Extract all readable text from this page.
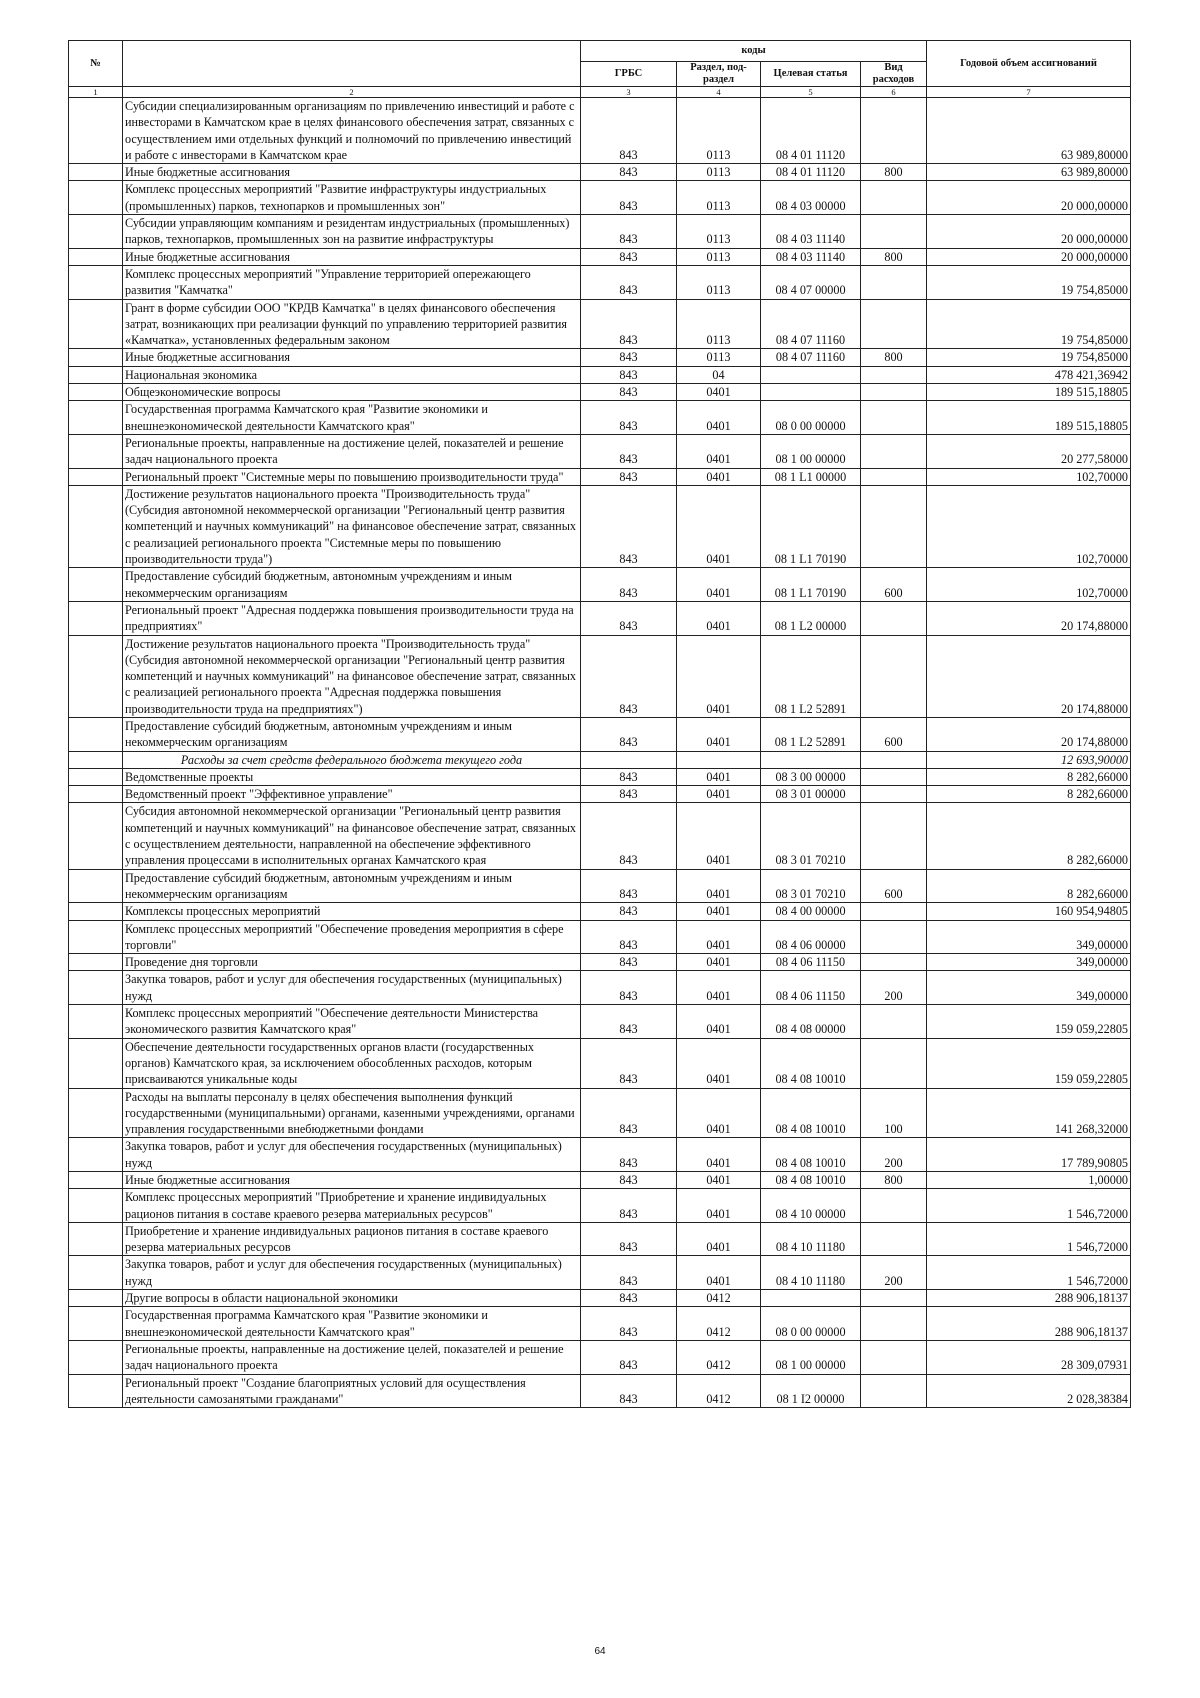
№		коды				Годовой объем ассигнований
		ГРБС	Раздел, под-раздел	Целевая статья	Вид расходов	
1	2	3	4	5	6	7
	Субсидии специализированным организациям по привлечению инвестиций и работе с инвесторами в Камчатском крае в целях финансового обеспечения затрат, связанных с осуществлением ими отдельных функций и полномочий по привлечению инвестиций и работе с инвесторами в Камчатском крае	843	0113	08 4 01 11120		63 989,80000
	Иные бюджетные ассигнования	843	0113	08 4 01 11120	800	63 989,80000
	Комплекс процессных мероприятий "Развитие инфраструктуры индустриальных (промышленных) парков, технопарков и промышленных зон"	843	0113	08 4 03 00000		20 000,00000
	Субсидии управляющим компаниям и резидентам индустриальных (промышленных) парков, технопарков, промышленных зон на развитие инфраструктуры	843	0113	08 4 03 11140		20 000,00000
	Иные бюджетные ассигнования	843	0113	08 4 03 11140	800	20 000,00000
	Комплекс процессных мероприятий "Управление территорией опережающего развития "Камчатка"	843	0113	08 4 07 00000		19 754,85000
	Грант в форме субсидии ООО "КРДВ Камчатка" в целях финансового обеспечения затрат, возникающих при реализации функций по управлению территорией развития «Камчатка», установленных федеральным законом	843	0113	08 4 07 11160		19 754,85000
	Иные бюджетные ассигнования	843	0113	08 4 07 11160	800	19 754,85000
	Национальная экономика	843	04			478 421,36942
	Общеэкономические вопросы	843	0401			189 515,18805
	Государственная программа Камчатского края "Развитие экономики и внешнеэкономической деятельности Камчатского края"	843	0401	08 0 00 00000		189 515,18805
	Региональные проекты, направленные на достижение целей, показателей и решение задач национального проекта	843	0401	08 1 00 00000		20 277,58000
	Региональный проект "Системные меры по повышению производительности труда"	843	0401	08 1 L1 00000		102,70000
	Достижение результатов национального проекта "Производительность труда" (Субсидия автономной некоммерческой организации "Региональный центр развития компетенций и научных коммуникаций" на финансовое обеспечение затрат, связанных с реализацией регионального проекта "Системные меры по повышению производительности труда")	843	0401	08 1 L1 70190		102,70000
	Предоставление субсидий бюджетным, автономным учреждениям и иным некоммерческим организациям	843	0401	08 1 L1 70190	600	102,70000
	Региональный проект "Адресная поддержка повышения производительности труда на предприятиях"	843	0401	08 1 L2 00000		20 174,88000
	Достижение результатов национального проекта "Производительность труда" (Субсидия автономной некоммерческой организации "Региональный центр развития компетенций и научных коммуникаций" на финансовое обеспечение затрат, связанных с реализацией регионального проекта "Адресная поддержка повышения производительности труда на предприятиях")	843	0401	08 1 L2 52891		20 174,88000
	Предоставление субсидий бюджетным, автономным учреждениям и иным некоммерческим организациям	843	0401	08 1 L2 52891	600	20 174,88000
	Расходы за счет средств федерального бюджета текущего года					12 693,90000
	Ведомственные проекты	843	0401	08 3 00 00000		8 282,66000
	Ведомственный проект "Эффективное управление"	843	0401	08 3 01 00000		8 282,66000
	Субсидия автономной некоммерческой организации "Региональный центр развития компетенций и научных коммуникаций" на финансовое обеспечение затрат, связанных с осуществлением деятельности, направленной на обеспечение эффективного управления процессами в исполнительных органах Камчатского края	843	0401	08 3 01 70210		8 282,66000
	Предоставление субсидий бюджетным, автономным учреждениям и иным некоммерческим организациям	843	0401	08 3 01 70210	600	8 282,66000
	Комплексы процессных мероприятий	843	0401	08 4 00 00000		160 954,94805
	Комплекс процессных мероприятий "Обеспечение проведения мероприятия в сфере торговли"	843	0401	08 4 06 00000		349,00000
	Проведение дня торговли	843	0401	08 4 06 11150		349,00000
	Закупка товаров, работ и услуг для обеспечения государственных (муниципальных) нужд	843	0401	08 4 06 11150	200	349,00000
	Комплекс процессных мероприятий "Обеспечение деятельности Министерства экономического развития Камчатского края"	843	0401	08 4 08 00000		159 059,22805
	Обеспечение деятельности государственных органов власти (государственных органов) Камчатского края, за исключением обособленных расходов, которым присваиваются уникальные коды	843	0401	08 4 08 10010		159 059,22805
	Расходы на выплаты персоналу в целях обеспечения выполнения функций государственными (муниципальными) органами, казенными учреждениями, органами управления государственными внебюджетными фондами	843	0401	08 4 08 10010	100	141 268,32000
	Закупка товаров, работ и услуг для обеспечения государственных (муниципальных) нужд	843	0401	08 4 08 10010	200	17 789,90805
	Иные бюджетные ассигнования	843	0401	08 4 08 10010	800	1,00000
	Комплекс процессных мероприятий "Приобретение и хранение индивидуальных рационов питания в составе краевого резерва материальных ресурсов"	843	0401	08 4 10 00000		1 546,72000
	Приобретение и хранение индивидуальных рационов питания в составе краевого резерва материальных ресурсов	843	0401	08 4 10 11180		1 546,72000
	Закупка товаров, работ и услуг для обеспечения государственных (муниципальных) нужд	843	0401	08 4 10 11180	200	1 546,72000
	Другие вопросы в области национальной экономики	843	0412			288 906,18137
	Государственная программа Камчатского края "Развитие экономики и внешнеэкономической деятельности Камчатского края"	843	0412	08 0 00 00000		288 906,18137
	Региональные проекты, направленные на достижение целей, показателей и решение задач национального проекта	843	0412	08 1 00 00000		28 309,07931
	Региональный проект "Создание благоприятных условий для осуществления деятельности самозанятыми гражданами"	843	0412	08 1 I2 00000		2 028,38384
64
